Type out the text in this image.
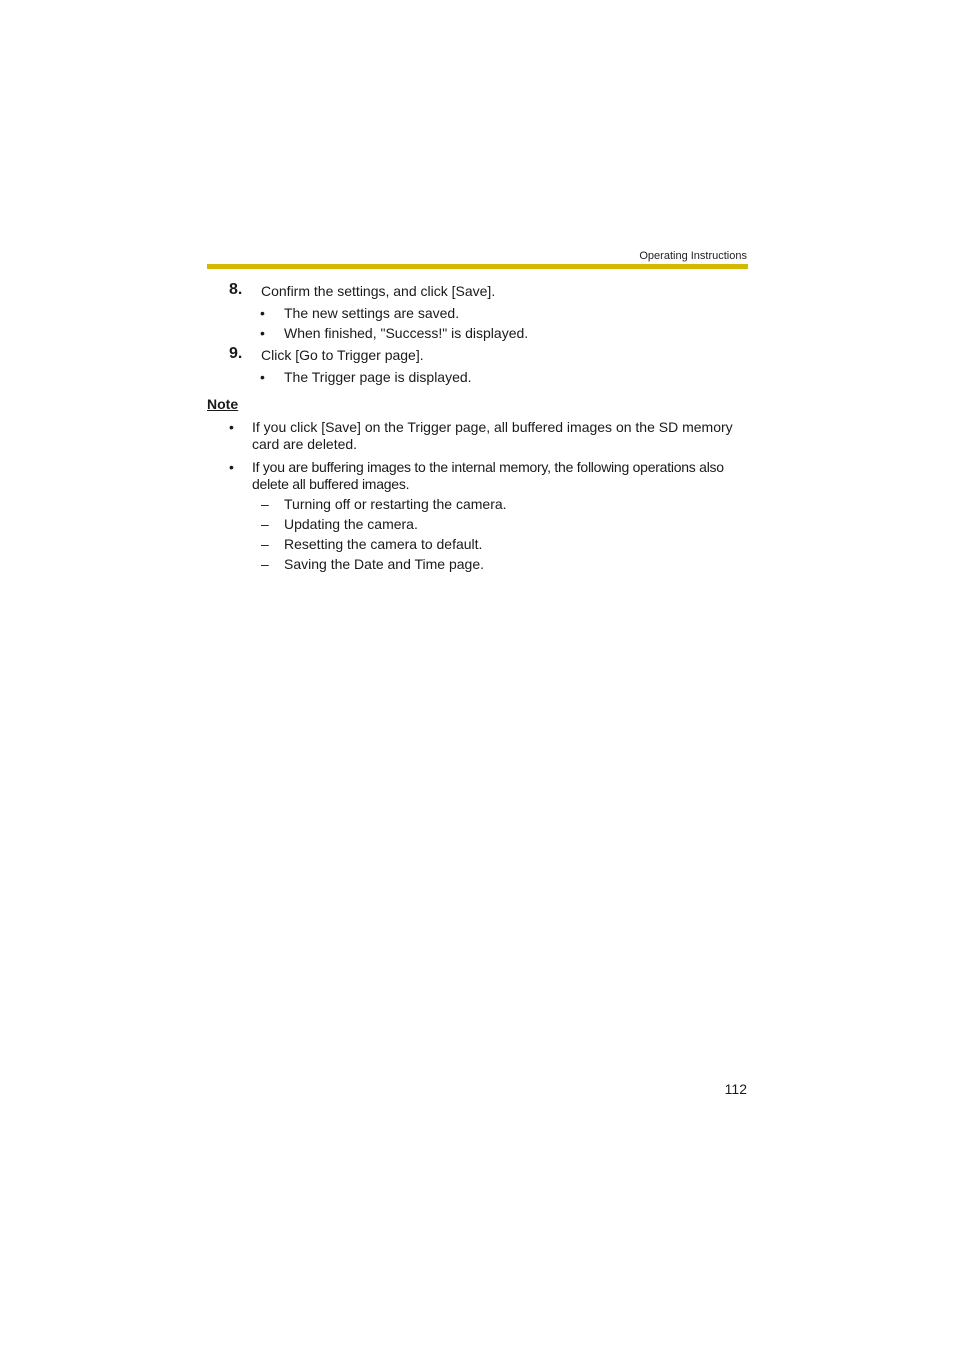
Operating Instructions
8. Confirm the settings, and click [Save].
• The new settings are saved.
• When finished, "Success!" is displayed.
9. Click [Go to Trigger page].
• The Trigger page is displayed.
Note
• If you click [Save] on the Trigger page, all buffered images on the SD memory card are deleted.
• If you are buffering images to the internal memory, the following operations also delete all buffered images.
– Turning off or restarting the camera.
– Updating the camera.
– Resetting the camera to default.
– Saving the Date and Time page.
112
